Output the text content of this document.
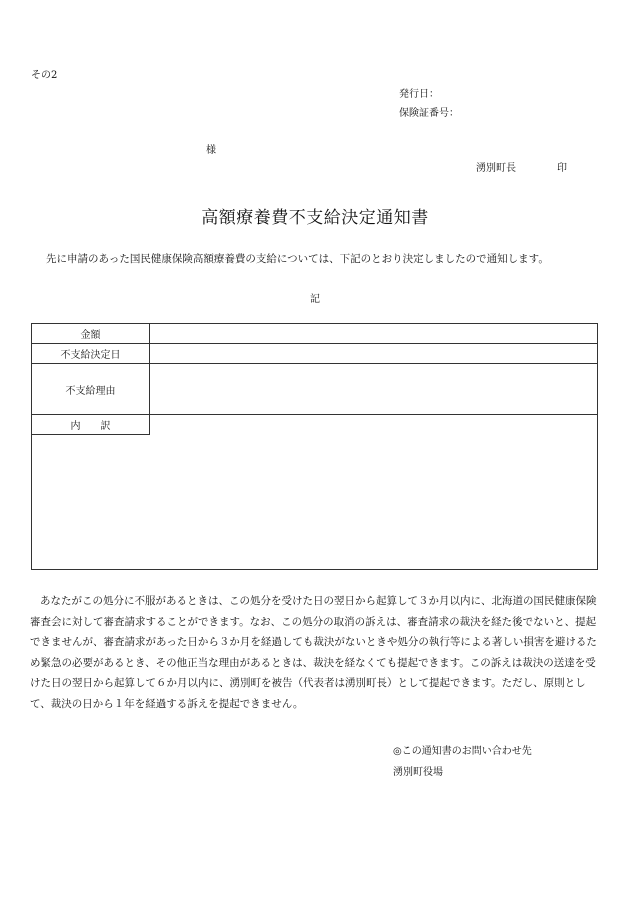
その2
発行日：
保険証番号：
様
湧別町長	印
高額療養費不支給決定通知書
先に申請のあった国民健康保険高額療養費の支給については、下記のとおり決定しましたので通知します。
記
金額
不支給決定日
不支給理由
内　　訳
あなたがこの処分に不服があるときは、この処分を受けた日の翌日から起算して３か月以内に、北海道の国民健康保険審査会に対して審査請求することができます。なお、この処分の取消の訴えは、審査請求の裁決を経た後でないと、提起できませんが、審査請求があった日から３か月を経過しても裁決がないときや処分の執行等による著しい損害を避けるため緊急の必要があるとき、その他正当な理由があるときは、裁決を経なくても提起できます。この訴えは裁決の送達を受けた日の翌日から起算して６か月以内に、湧別町を被告（代表者は湧別町長）として提起できます。ただし、原則として、裁決の日から１年を経過する訴えを提起できません。
◎この通知書のお問い合わせ先
湧別町役場
